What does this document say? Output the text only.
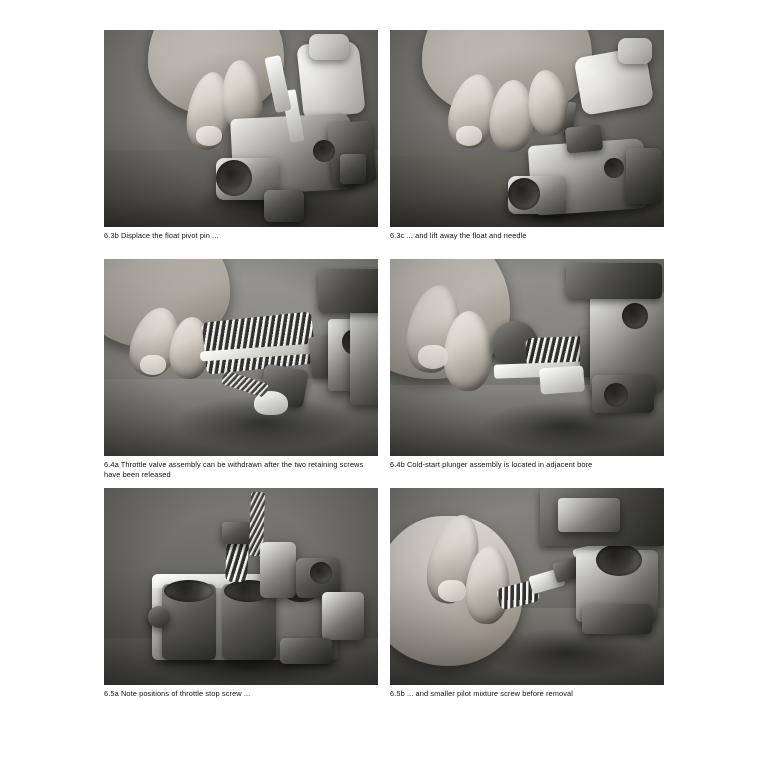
6.3b Displace the float pivot pin ...	6.3c ... and lift away the float and needle
6.4a Throttle valve assembly can be withdrawn after the two retaining screws have been released
6.4b Cold-start plunger assembly is located in adjacent bore
6.5a Note positions of throttle stop screw ...	6.5b ... and smaller pilot mixture screw before removal
